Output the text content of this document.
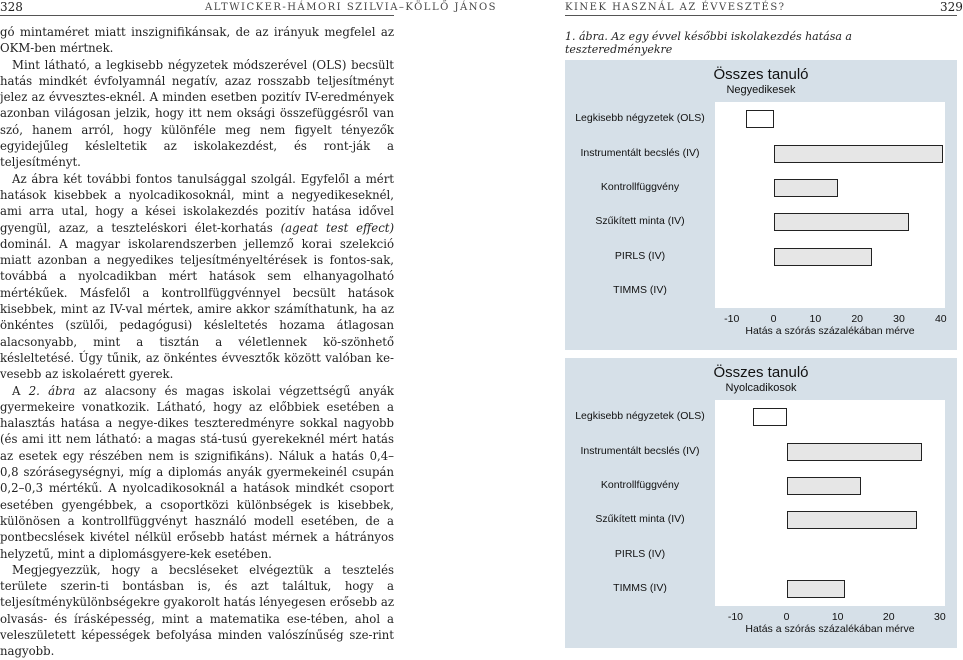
328	ALTWICKER-HÁMORI SZILVIA–KÖLLŐ JÁNOS

gó mintaméret miatt inszignifikánsak, de az irányuk megfelel az OKM-ben mértnek.

Mint látható, a legkisebb négyzetek módszerével (OLS) becsült hatás mindkét évfolyamnál negatív, azaz rosszabb teljesítményt jelez az évvesztes-eknél. A minden esetben pozitív IV-eredmények azonban világosan jelzik, hogy itt nem oksági összefüggésről van szó, hanem arról, hogy különféle meg nem figyelt tényezők egyidejűleg késleltetik az iskolakezdést, és ront-ják a teljesítményt.

Az ábra két további fontos tanulsággal szolgál. Egyfelől a mért hatások kisebbek a nyolcadikosoknál, mint a negyedikeseknél, ami arra utal, hogy a kései iskolakezdés pozitív hatása idővel gyengül, azaz, a teszteléskori élet-korhatás (ageat test effect) dominál. A magyar iskolarendszerben jellemző korai szelekció miatt azonban a negyedikes teljesítményeltérések is fontos-sak, továbbá a nyolcadikban mért hatások sem elhanyagolható mértékűek. Másfelől a kontrollfüggvénnyel becsült hatások kisebbek, mint az IV-val mértek, amire akkor számíthatunk, ha az önkéntes (szülői, pedagógusi) késleltetés hozama átlagosan alacsonyabb, mint a tisztán a véletlennek kö-szönhető késleltetésé. Úgy tűnik, az önkéntes évvesztők között valóban ke-vesebb az iskolaérett gyerek.

A 2. ábra az alacsony és magas iskolai végzettségű anyák gyermekeire vonatkozik. Látható, hogy az előbbiek esetében a halasztás hatása a negye-dikes teszteredményre sokkal nagyobb (és ami itt nem látható: a magas stá-tusú gyerekeknél mért hatás az esetek egy részében nem is szignifikáns). Náluk a hatás 0,4–0,8 szórásegységnyi, míg a diplomás anyák gyermekeinél csupán 0,2–0,3 mértékű. A nyolcadikosoknál a hatások mindkét csoport esetében gyengébbek, a csoportközi különbségek is kisebbek, különösen a kontrollfüggvényt használó modell esetében, de a pontbecslések kivétel nélkül erősebb hatást mérnek a hátrányos helyzetű, mint a diplomásgyere-kek esetében.

Megjegyezzük, hogy a becsléseket elvégeztük a tesztelés területe szerin-ti bontásban is, és azt találtuk, hogy a teljesítménykülönbségekre gyakorolt hatás lényegesen erősebb az olvasás- és írásképesség, mint a matematika ese-tében, ahol a veleszületett képességek befolyása minden valószínűség sze-rint nagyobb.

KINEK HASZNÁL AZ ÉVVESZTÉS?	329
1. ábra. Az egy évvel későbbi iskolakezdés hatása a teszteredményekre
Összes tanuló
Negyedikesek
Legkisebb négyzetek (OLS)
Instrumentált becslés (IV)
Kontrollfüggvény
Szűkített minta (IV)
PIRLS (IV)
TIMMS (IV)
-10	0	10	20	30	40
Hatás a szórás százalékában mérve
Összes tanuló
Nyolcadikosok
Legkisebb négyzetek (OLS)
Instrumentált becslés (IV)
Kontrollfüggvény
Szűkített minta (IV)
PIRLS (IV)
TIMMS (IV)
-10	0	10	20	30
Hatás a szórás százalékában mérve
